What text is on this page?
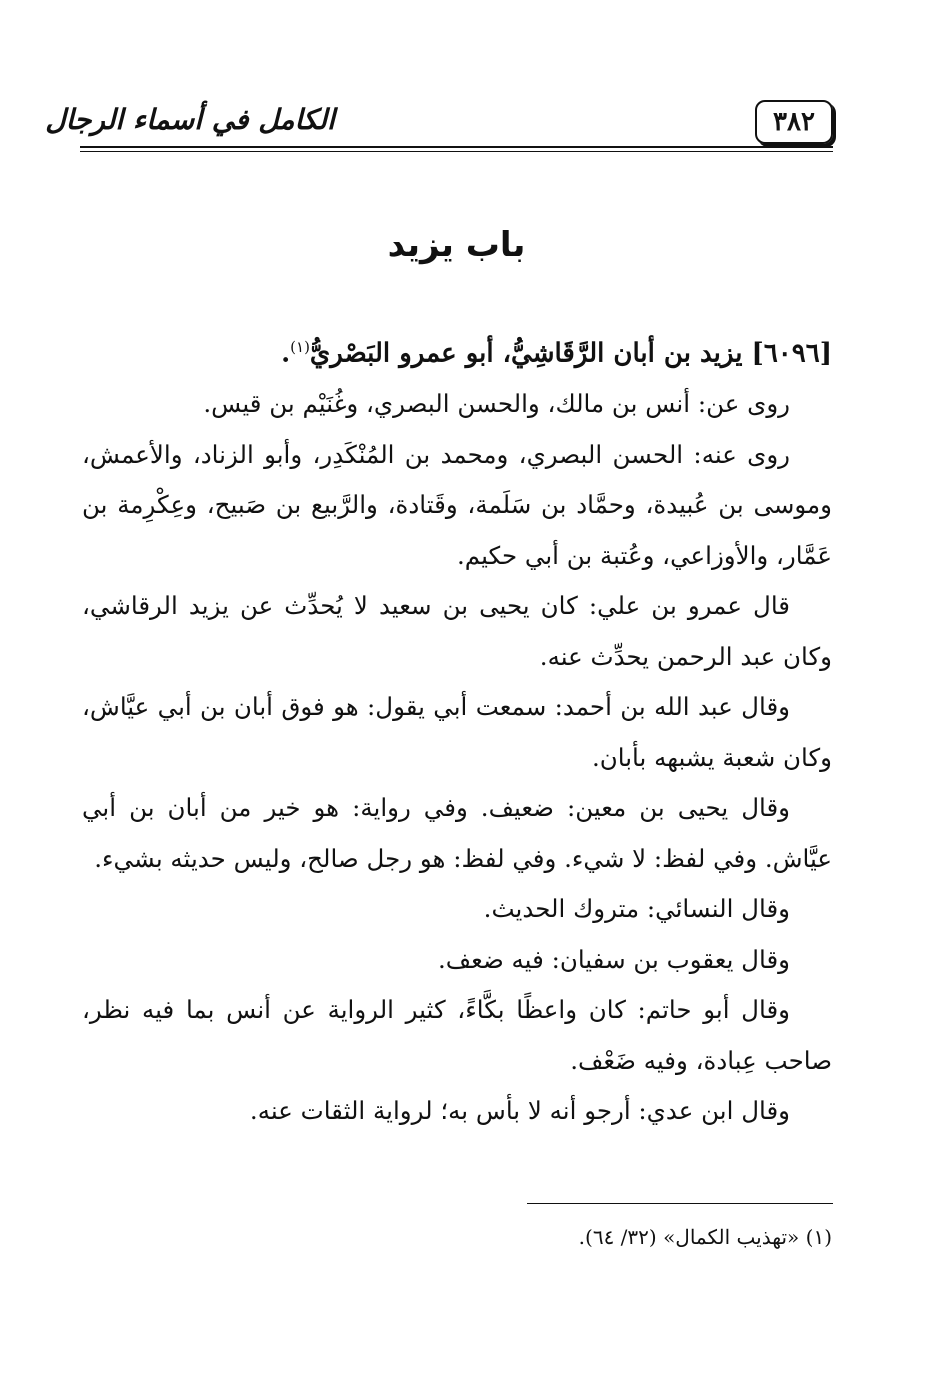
٣٨٢
الكامل في أسماء الرجال
باب يزيد

[٦٠٩٦] يزيد بن أبان الرَّقَاشِيُّ، أبو عمرو البَصْريُّ$^{(١)}$.

روى عن: أنس بن مالك، والحسن البصري، وغُنَيْم بن قيس.

روى عنه: الحسن البصري، ومحمد بن المُنْكَدِر، وأبو الزناد، والأعمش، وموسى بن عُبيدة، وحمَّاد بن سَلَمة، وقَتادة، والرَّبيع بن صَبيح، وعِكْرِمة بن عَمَّار، والأوزاعي، وعُتبة بن أبي حكيم.

قال عمرو بن علي: كان يحيى بن سعيد لا يُحدِّث عن يزيد الرقاشي، وكان عبد الرحمن يحدِّث عنه.

وقال عبد الله بن أحمد: سمعت أبي يقول: هو فوق أبان بن أبي عيَّاش، وكان شعبة يشبهه بأبان.

وقال يحيى بن معين: ضعيف. وفي رواية: هو خير من أبان بن أبي عيَّاش. وفي لفظ: لا شيء. وفي لفظ: هو رجل صالح، وليس حديثه بشيء.

وقال النسائي: متروك الحديث.

وقال يعقوب بن سفيان: فيه ضعف.

وقال أبو حاتم: كان واعظًا بكَّاءً، كثير الرواية عن أنس بما فيه نظر، صاحب عِبادة، وفيه ضَعْف.

وقال ابن عدي: أرجو أنه لا بأس به؛ لرواية الثقات عنه.

(١) «تهذيب الكمال» (٣٢/ ٦٤).
